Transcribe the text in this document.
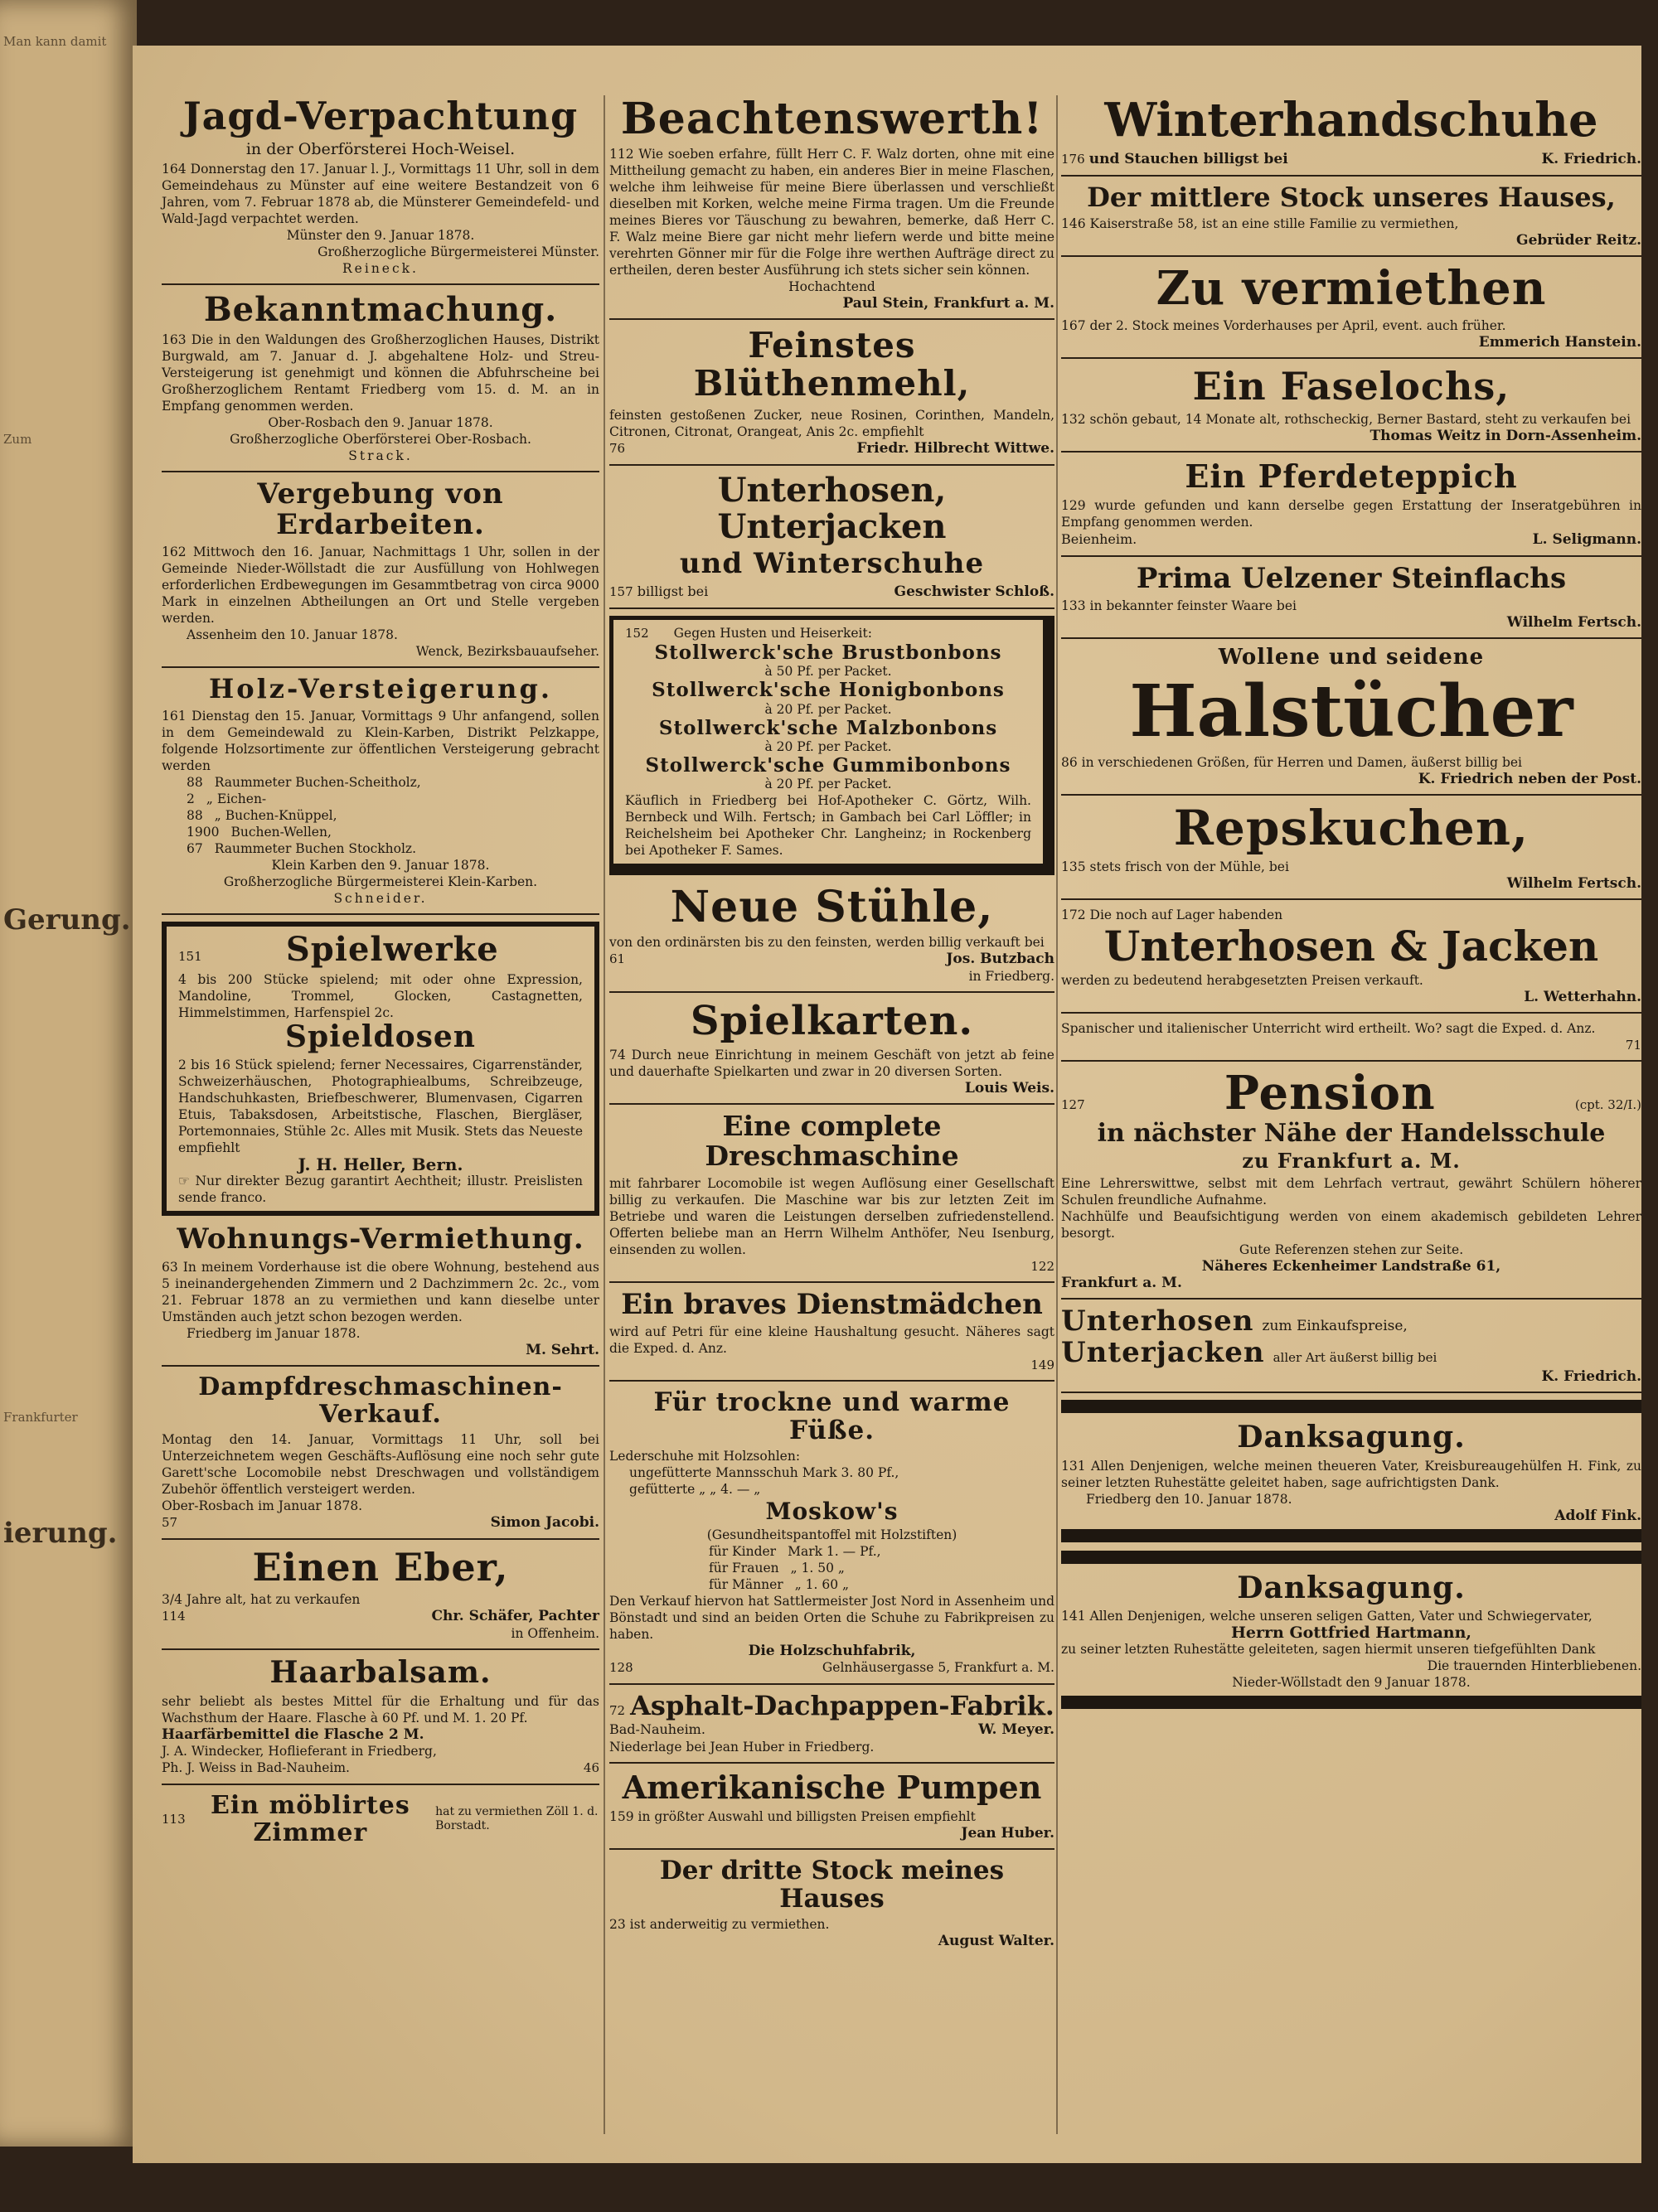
Man kann damit
Gerung.
Frankfurter
Zum
ierung.
Jagd-Verpachtung

in der Oberförsterei Hoch-Weisel.

164 Donnerstag den 17. Januar l. J., Vormittags 11 Uhr, soll in dem Gemeindehaus zu Münster auf eine weitere Bestandzeit von 6 Jahren, vom 7. Februar 1878 ab, die Münsterer Gemeindefeld- und Wald-Jagd verpachtet werden.

Münster den 9. Januar 1878.

Großherzogliche Bürgermeisterei Münster.

Reineck.

Bekanntmachung.

163 Die in den Waldungen des Großherzoglichen Hauses, Distrikt Burgwald, am 7. Januar d. J. abgehaltene Holz- und Streu-Versteigerung ist genehmigt und können die Abfuhrscheine bei Großherzoglichem Rentamt Friedberg vom 15. d. M. an in Empfang genommen werden.

Ober-Rosbach den 9. Januar 1878.

Großherzogliche Oberförsterei Ober-Rosbach.

Strack.

Vergebung von Erdarbeiten.

162 Mittwoch den 16. Januar, Nachmittags 1 Uhr, sollen in der Gemeinde Nieder-Wöllstadt die zur Ausfüllung von Hohlwegen erforderlichen Erdbewegungen im Gesammtbetrag von circa 9000 Mark in einzelnen Abtheilungen an Ort und Stelle vergeben werden.

Assenheim den 10. Januar 1878.

Wenck, Bezirksbauaufseher.

Holz-Versteigerung.

161 Dienstag den 15. Januar, Vormittags 9 Uhr anfangend, sollen in dem Gemeindewald zu Klein-Karben, Distrikt Pelzkappe, folgende Holzsortimente zur öffentlichen Versteigerung gebracht werden

88 Raummeter Buchen-Scheitholz,
2 „ Eichen-
88 „ Buchen-Knüppel,
1900 Buchen-Wellen,
67 Raummeter Buchen Stockholz.

Klein Karben den 9. Januar 1878.

Großherzogliche Bürgermeisterei Klein-Karben.

Schneider.

151	Spielwerke

4 bis 200 Stücke spielend; mit oder ohne Expression, Mandoline, Trommel, Glocken, Castagnetten, Himmelstimmen, Harfenspiel 2c.

Spieldosen

2 bis 16 Stück spielend; ferner Necessaires, Cigarrenständer, Schweizerhäuschen, Photographiealbums, Schreibzeuge, Handschuhkasten, Briefbeschwerer, Blumenvasen, Cigarren Etuis, Tabaksdosen, Arbeitstische, Flaschen, Biergläser, Portemonnaies, Stühle 2c. Alles mit Musik. Stets das Neueste empfiehlt

J. H. Heller, Bern.

☞ Nur direkter Bezug garantirt Aechtheit; illustr. Preislisten sende franco.

Wohnungs-Vermiethung.

63 In meinem Vorderhause ist die obere Wohnung, bestehend aus 5 ineinandergehenden Zimmern und 2 Dachzimmern 2c. 2c., vom 21. Februar 1878 an zu vermiethen und kann dieselbe unter Umständen auch jetzt schon bezogen werden.

Friedberg im Januar 1878.

M. Sehrt.

Dampfdreschmaschinen-Verkauf.

Montag den 14. Januar, Vormittags 11 Uhr, soll bei Unterzeichnetem wegen Geschäfts-Auflösung eine noch sehr gute Garett'sche Locomobile nebst Dreschwagen und vollständigem Zubehör öffentlich versteigert werden.

Ober-Rosbach im Januar 1878.

57	Simon Jacobi.
Einen Eber,

3/4 Jahre alt, hat zu verkaufen

114	Chr. Schäfer, Pachter

in Offenheim.

Haarbalsam.

sehr beliebt als bestes Mittel für die Erhaltung und für das Wachsthum der Haare. Flasche à 60 Pf. und M. 1. 20 Pf.

Haarfärbemittel die Flasche 2 M.

J. A. Windecker, Hoflieferant in Friedberg,

Ph. J. Weiss in Bad-Nauheim.	46
113	Ein möblirtes Zimmer
hat zu vermiethen Zöll 1. d. Borstadt.
Beachtenswerth!

112 Wie soeben erfahre, füllt Herr C. F. Walz dorten, ohne mit eine Mittheilung gemacht zu haben, ein anderes Bier in meine Flaschen, welche ihm leihweise für meine Biere überlassen und verschließt dieselben mit Korken, welche meine Firma tragen. Um die Freunde meines Bieres vor Täuschung zu bewahren, bemerke, daß Herr C. F. Walz meine Biere gar nicht mehr liefern werde und bitte meine verehrten Gönner mir für die Folge ihre werthen Aufträge direct zu ertheilen, deren bester Ausführung ich stets sicher sein können.

Hochachtend

Paul Stein, Frankfurt a. M.

Feinstes Blüthenmehl,

feinsten gestoßenen Zucker, neue Rosinen, Corinthen, Mandeln, Citronen, Citronat, Orangeat, Anis 2c. empfiehlt

76	Friedr. Hilbrecht Wittwe.
Unterhosen, Unterjacken
und Winterschuhe
157 billigst bei	Geschwister Schloß.
152 Gegen Husten und Heiserkeit:
Stollwerck'sche Brustbonbons

à 50 Pf. per Packet.

Stollwerck'sche Honigbonbons

à 20 Pf. per Packet.

Stollwerck'sche Malzbonbons

à 20 Pf. per Packet.

Stollwerck'sche Gummibonbons

à 20 Pf. per Packet.

Käuflich in Friedberg bei Hof-Apotheker C. Görtz, Wilh. Bernbeck und Wilh. Fertsch; in Gambach bei Carl Löffler; in Reichelsheim bei Apotheker Chr. Langheinz; in Rockenberg bei Apotheker F. Sames.

Neue Stühle,

von den ordinärsten bis zu den feinsten, werden billig verkauft bei

61	Jos. Butzbach

in Friedberg.

Spielkarten.

74 Durch neue Einrichtung in meinem Geschäft von jetzt ab feine und dauerhafte Spielkarten und zwar in 20 diversen Sorten.

Louis Weis.

Eine complete Dreschmaschine

mit fahrbarer Locomobile ist wegen Auflösung einer Gesellschaft billig zu verkaufen. Die Maschine war bis zur letzten Zeit im Betriebe und waren die Leistungen derselben zufriedenstellend. Offerten beliebe man an Herrn Wilhelm Anthöfer, Neu Isenburg, einsenden zu wollen.

122

Ein braves Dienstmädchen

wird auf Petri für eine kleine Haushaltung gesucht. Näheres sagt die Exped. d. Anz.

149

Für trockne und warme Füße.

Lederschuhe mit Holzsohlen:

ungefütterte Mannsschuh Mark 3. 80 Pf.,

gefütterte „ „ 4. — „

Moskow's

(Gesundheitspantoffel mit Holzstiften)

für Kinder Mark 1. — Pf.,
für Frauen „ 1. 50 „
für Männer „ 1. 60 „

Den Verkauf hiervon hat Sattlermeister Jost Nord in Assenheim und Bönstadt und sind an beiden Orten die Schuhe zu Fabrikpreisen zu haben.

Die Holzschuhfabrik,

128	Gelnhäusergasse 5, Frankfurt a. M.
72 Asphalt-Dachpappen-Fabrik.
Bad-Nauheim.	W. Meyer.

Niederlage bei Jean Huber in Friedberg.

Amerikanische Pumpen

159 in größter Auswahl und billigsten Preisen empfiehlt

Jean Huber.

Der dritte Stock meines Hauses

23 ist anderweitig zu vermiethen.

August Walter.

Winterhandschuhe
176 und Stauchen billigst bei	K. Friedrich.
Der mittlere Stock unseres Hauses,

146 Kaiserstraße 58, ist an eine stille Familie zu vermiethen,

Gebrüder Reitz.

Zu vermiethen

167 der 2. Stock meines Vorderhauses per April, event. auch früher.

Emmerich Hanstein.

Ein Faselochs,

132 schön gebaut, 14 Monate alt, rothscheckig, Berner Bastard, steht zu verkaufen bei

Thomas Weitz in Dorn-Assenheim.

Ein Pferdeteppich

129 wurde gefunden und kann derselbe gegen Erstattung der Inseratgebühren in Empfang genommen werden.

Beienheim.	L. Seligmann.
Prima Uelzener Steinflachs

133 in bekannter feinster Waare bei

Wilhelm Fertsch.

Wollene und seidene
Halstücher

86 in verschiedenen Größen, für Herren und Damen, äußerst billig bei

K. Friedrich neben der Post.

Repskuchen,

135 stets frisch von der Mühle, bei

Wilhelm Fertsch.

172 Die noch auf Lager habenden

Unterhosen & Jacken

werden zu bedeutend herabgesetzten Preisen verkauft.

L. Wetterhahn.

Spanischer und italienischer Unterricht wird ertheilt. Wo? sagt die Exped. d. Anz.

71

127	Pension	(cpt. 32/I.)
in nächster Nähe der Handelsschule
zu Frankfurt a. M.

Eine Lehrerswittwe, selbst mit dem Lehrfach vertraut, gewährt Schülern höherer Schulen freundliche Aufnahme.

Nachhülfe und Beaufsichtigung werden von einem akademisch gebildeten Lehrer besorgt.

Gute Referenzen stehen zur Seite.

Näheres Eckenheimer Landstraße 61,

Frankfurt a. M.

Unterhosen zum Einkaufspreise,
Unterjacken aller Art äußerst billig bei

K. Friedrich.

Danksagung.

131 Allen Denjenigen, welche meinen theueren Vater, Kreisbureaugehülfen H. Fink, zu seiner letzten Ruhestätte geleitet haben, sage aufrichtigsten Dank.

Friedberg den 10. Januar 1878.

Adolf Fink.

Danksagung.

141 Allen Denjenigen, welche unseren seligen Gatten, Vater und Schwiegervater,

Herrn Gottfried Hartmann,

zu seiner letzten Ruhestätte geleiteten, sagen hiermit unseren tiefgefühlten Dank

Die trauernden Hinterbliebenen.

Nieder-Wöllstadt den 9 Januar 1878.
